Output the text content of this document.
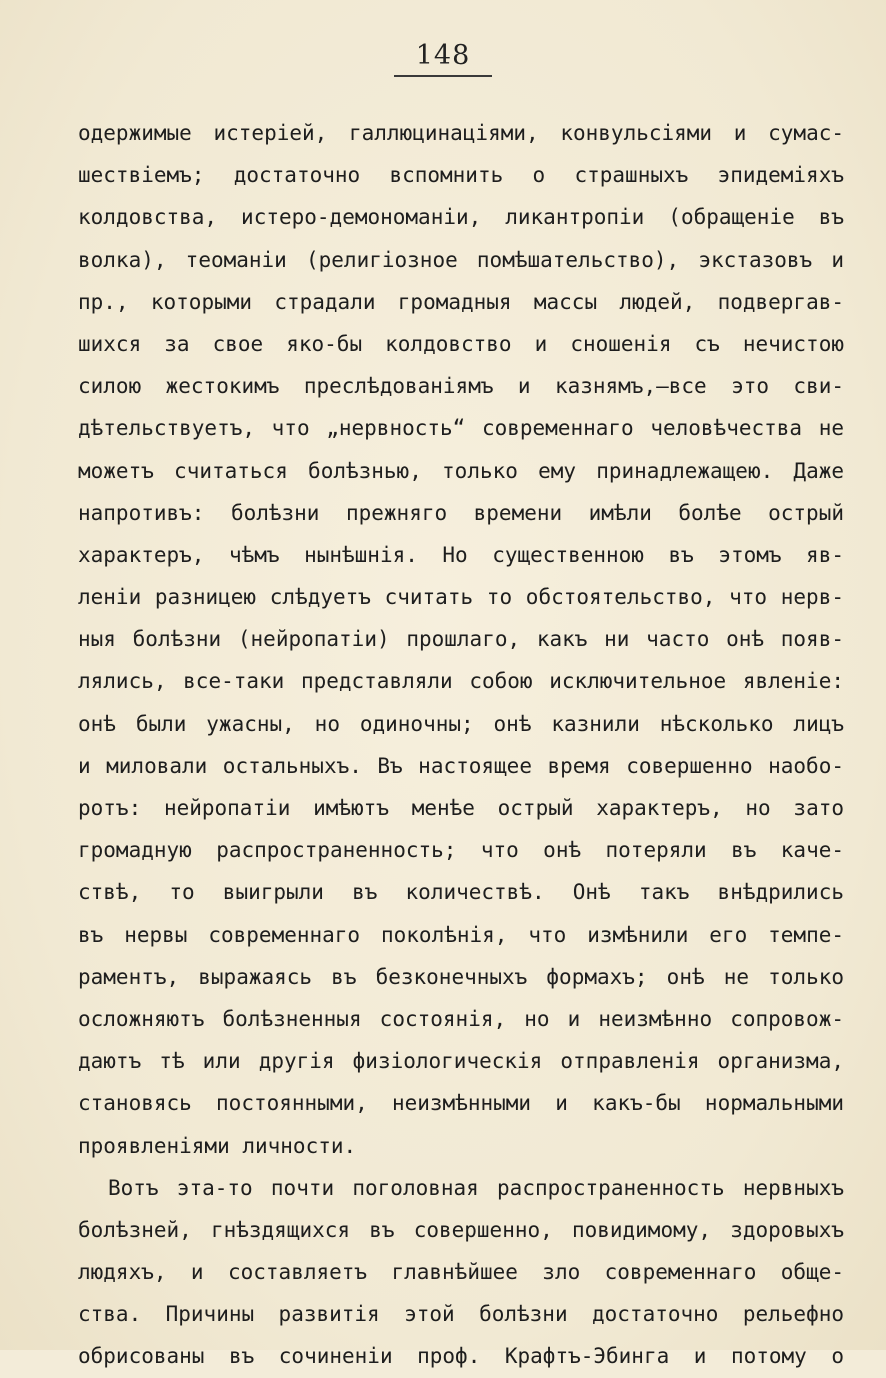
148
одержимые истеріей, галлюцинаціями, конвульсіями и сумас-
шествіемъ; достаточно вспомнить о страшныхъ эпидеміяхъ
колдовства, истеро-демономаніи, ликантропіи (обращеніе въ
волка), теоманіи (религіозное помѣшательство), экстазовъ и
пр., которыми страдали громадныя массы людей, подвергав-
шихся за свое яко-бы колдовство и сношенія съ нечистою
силою жестокимъ преслѣдованіямъ и казнямъ,—все это сви-
дѣтельствуетъ, что „нервность“ современнаго человѣчества не
можетъ считаться болѣзнью, только ему принадлежащею. Даже
напротивъ: болѣзни прежняго времени имѣли болѣе острый
характеръ, чѣмъ нынѣшнія. Но существенною въ этомъ яв-
леніи разницею слѣдуетъ считать то обстоятельство, что нерв-
ныя болѣзни (нейропатіи) прошлаго, какъ ни часто онѣ появ-
лялись, все-таки представляли собою исключительное явленіе:
онѣ были ужасны, но одиночны; онѣ казнили нѣсколько лицъ
и миловали остальныхъ. Въ настоящее время совершенно наобо-
ротъ: нейропатіи имѣютъ менѣе острый характеръ, но зато
громадную распространенность; что онѣ потеряли въ каче-
ствѣ, то выигрыли въ количествѣ. Онѣ такъ внѣдрились
въ нервы современнаго поколѣнія, что измѣнили его темпе-
раментъ, выражаясь въ безконечныхъ формахъ; онѣ не только
осложняютъ болѣзненныя состоянія, но и неизмѣнно сопровож-
даютъ тѣ или другія физіологическія отправленія организма,
становясь постоянными, неизмѣнными и какъ-бы нормальными
проявленіями личности.
Вотъ эта-то почти поголовная распространенность нервныхъ
болѣзней, гнѣздящихся въ совершенно, повидимому, здоровыхъ
людяхъ, и составляетъ главнѣйшее зло современнаго обще-
ства. Причины развитія этой болѣзни достаточно рельефно
обрисованы въ сочиненіи проф. Крафтъ-Эбинга и потому о
